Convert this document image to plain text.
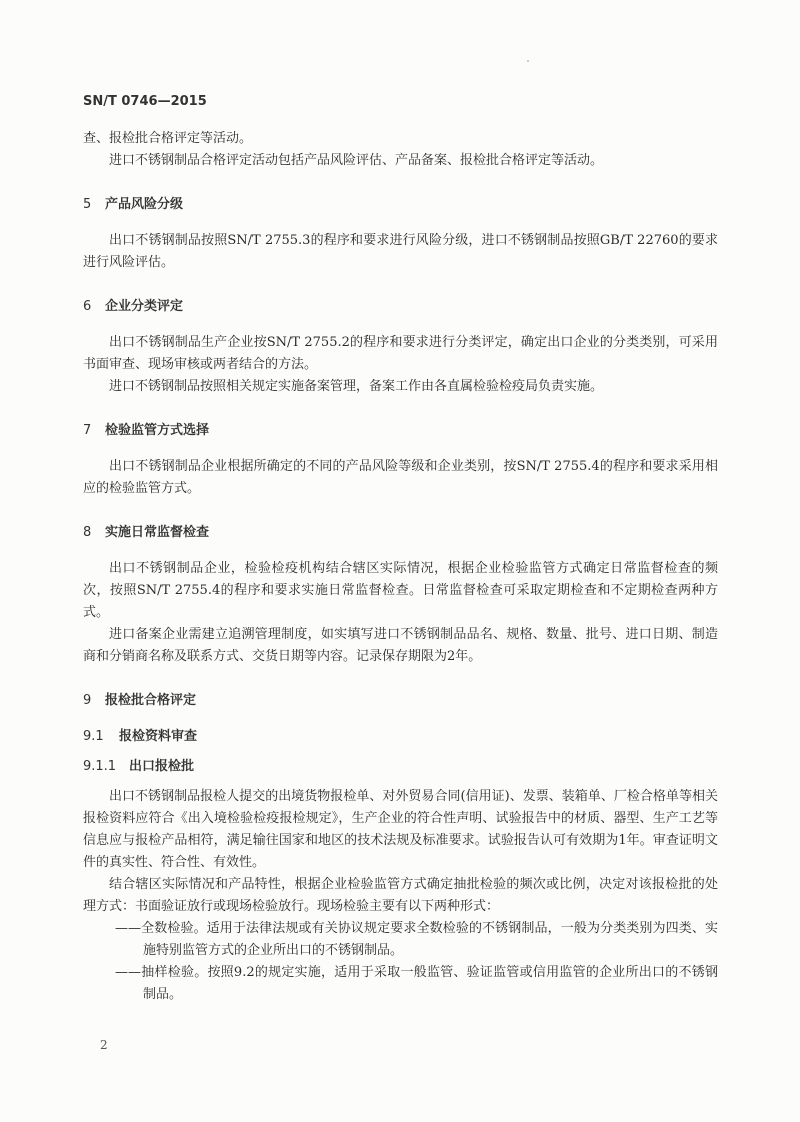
SN/T 0746—2015

查、报检批合格评定等活动。

进口不锈钢制品合格评定活动包括产品风险评估、产品备案、报检批合格评定等活动。

5 产品风险分级

出口不锈钢制品按照SN/T 2755.3的程序和要求进行风险分级，进口不锈钢制品按照GB/T 22760的要求进行风险评估。

6 企业分类评定

出口不锈钢制品生产企业按SN/T 2755.2的程序和要求进行分类评定，确定出口企业的分类类别，可采用书面审查、现场审核或两者结合的方法。

进口不锈钢制品按照相关规定实施备案管理，备案工作由各直属检验检疫局负责实施。

7 检验监管方式选择

出口不锈钢制品企业根据所确定的不同的产品风险等级和企业类别，按SN/T 2755.4的程序和要求采用相应的检验监管方式。

8 实施日常监督检查

出口不锈钢制品企业，检验检疫机构结合辖区实际情况，根据企业检验监管方式确定日常监督检查的频次，按照SN/T 2755.4的程序和要求实施日常监督检查。日常监督检查可采取定期检查和不定期检查两种方式。

进口备案企业需建立追溯管理制度，如实填写进口不锈钢制品品名、规格、数量、批号、进口日期、制造商和分销商名称及联系方式、交货日期等内容。记录保存期限为2年。

9 报检批合格评定

9.1 报检资料审查

9.1.1 出口报检批

出口不锈钢制品报检人提交的出境货物报检单、对外贸易合同(信用证)、发票、装箱单、厂检合格单等相关报检资料应符合《出入境检验检疫报检规定》，生产企业的符合性声明、试验报告中的材质、器型、生产工艺等信息应与报检产品相符，满足输往国家和地区的技术法规及标准要求。试验报告认可有效期为1年。审查证明文件的真实性、符合性、有效性。

结合辖区实际情况和产品特性，根据企业检验监管方式确定抽批检验的频次或比例，决定对该报检批的处理方式：书面验证放行或现场检验放行。现场检验主要有以下两种形式：

——全数检验。适用于法律法规或有关协议规定要求全数检验的不锈钢制品，一般为分类类别为四类、实施特别监管方式的企业所出口的不锈钢制品。

——抽样检验。按照9.2的规定实施，适用于采取一般监管、验证监管或信用监管的企业所出口的不锈钢制品。

2
